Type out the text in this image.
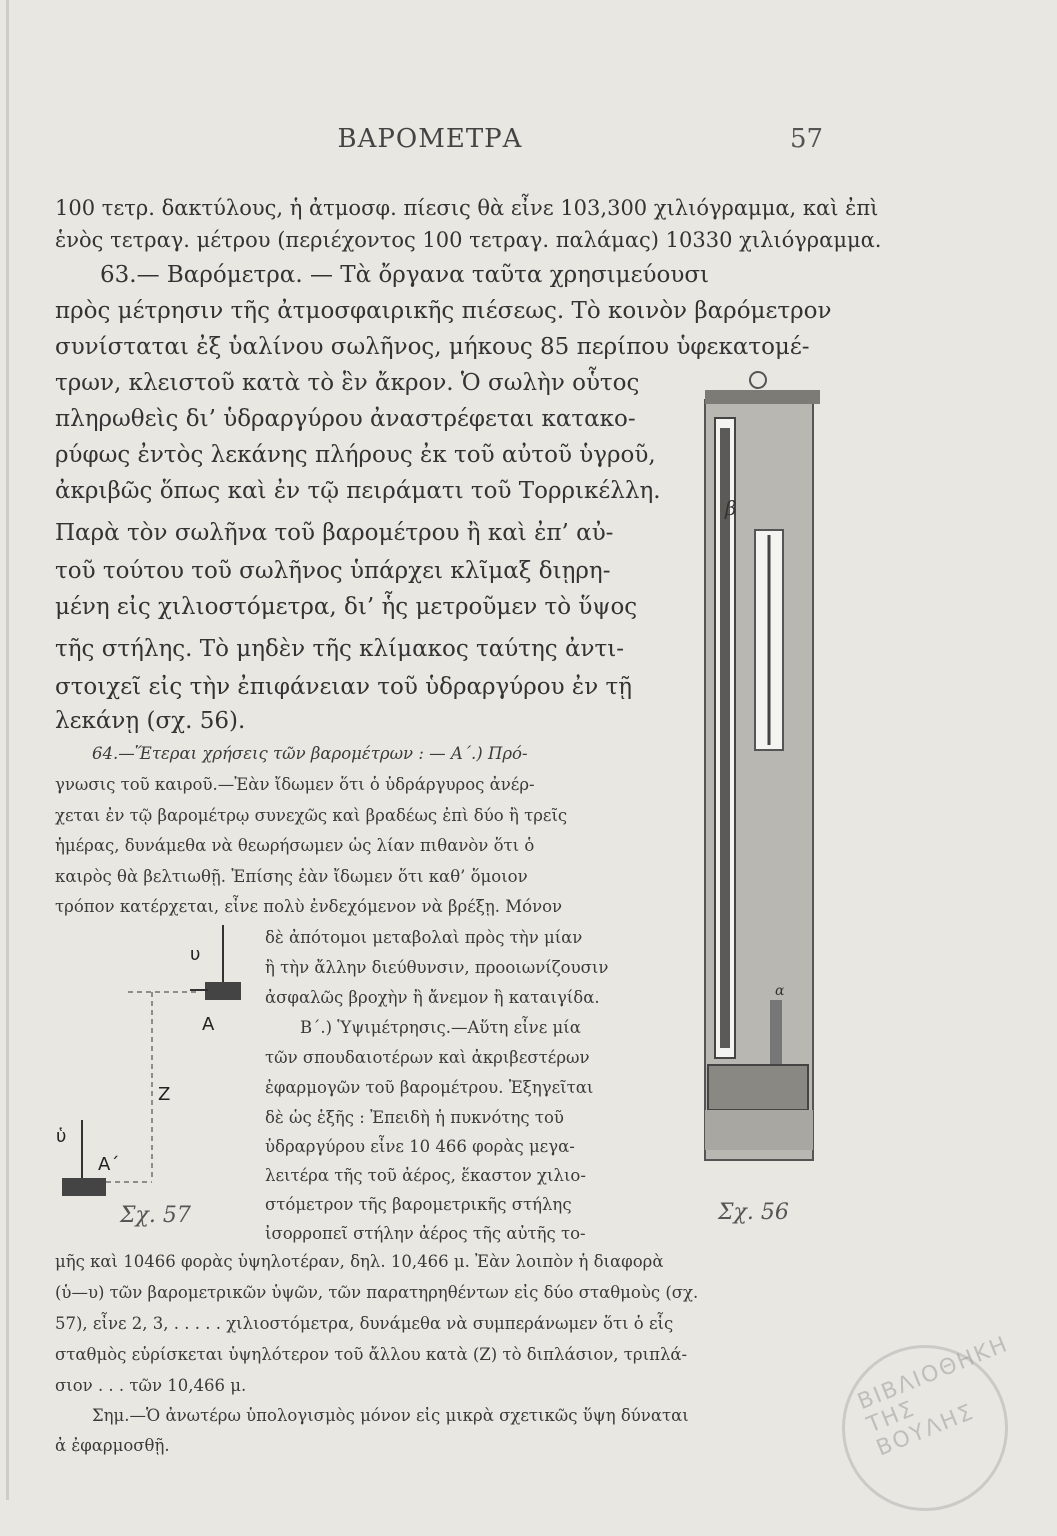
ΒΑΡΟΜΕΤΡΑ	57
100 τετρ. δακτύλους, ἡ ἀτμοσφ. πίεσις θὰ εἶνε 103,300 χιλιόγραμμα, καὶ ἐπὶ
ἑνὸς τετραγ. μέτρου (περιέχοντος 100 τετραγ. παλάμας) 10330 χιλιόγραμμα.
63.— Βαρόμετρα. — Τὰ ὄργανα ταῦτα χρησιμεύουσι
πρὸς μέτρησιν τῆς ἀτμοσφαιρικῆς πιέσεως. Τὸ κοινὸν βαρόμετρον
συνίσταται ἐξ ὑαλίνου σωλῆνος, μήκους 85 περίπου ὑφεκατομέ-
τρων, κλειστοῦ κατὰ τὸ ἓν ἄκρον. Ὁ σωλὴν οὗτος
πληρωθεὶς δι’ ὑδραργύρου ἀναστρέφεται κατακο-
ρύφως ἐντὸς λεκάνης πλήρους ἐκ τοῦ αὐτοῦ ὑγροῦ,
ἀκριβῶς ὅπως καὶ ἐν τῷ πειράματι τοῦ Τορρικέλλη.
Παρὰ τὸν σωλῆνα τοῦ βαρομέτρου ἢ καὶ ἐπ’ αὐ-
τοῦ τούτου τοῦ σωλῆνος ὑπάρχει κλῖμαξ διῃρη-
μένη εἰς χιλιοστόμετρα, δι’ ἧς μετροῦμεν τὸ ὕψος
τῆς στήλης. Τὸ μηδὲν τῆς κλίμακος ταύτης ἀντι-
στοιχεῖ εἰς τὴν ἐπιφάνειαν τοῦ ὑδραργύρου ἐν τῇ
λεκάνῃ (σχ. 56).
64.—Ἕτεραι χρήσεις τῶν βαρομέτρων : — Α΄.) Πρό-
γνωσις τοῦ καιροῦ.—Ἐὰν ἴδωμεν ὅτι ὁ ὑδράργυρος ἀνέρ-
χεται ἐν τῷ βαρομέτρῳ συνεχῶς καὶ βραδέως ἐπὶ δύο ἢ τρεῖς
ἡμέρας, δυνάμεθα νὰ θεωρήσωμεν ὡς λίαν πιθανὸν ὅτι ὁ
καιρὸς θὰ βελτιωθῇ. Ἐπίσης ἐὰν ἴδωμεν ὅτι καθ’ ὅμοιον
τρόπον κατέρχεται, εἶνε πολὺ ἐνδεχόμενον νὰ βρέξῃ. Μόνον
δὲ ἀπότομοι μεταβολαὶ πρὸς τὴν μίαν
ἢ τὴν ἄλλην διεύθυνσιν, προοιωνίζουσιν
ἀσφαλῶς βροχὴν ἢ ἄνεμον ἢ καταιγίδα.
Β΄.) Ὑψιμέτρησις.—Αὕτη εἶνε μία
τῶν σπουδαιοτέρων καὶ ἀκριβεστέρων
ἐφαρμογῶν τοῦ βαρομέτρου. Ἐξηγεῖται
δὲ ὡς ἑξῆς : Ἐπειδὴ ἡ πυκνότης τοῦ
ὑδραργύρου εἶνε 10 466 φορὰς μεγα-
λειτέρα τῆς τοῦ ἀέρος, ἕκαστον χιλιο-
στόμετρον τῆς βαρομετρικῆς στήλης
ἰσορροπεῖ στήλην ἀέρος τῆς αὐτῆς το-
μῆς καὶ 10466 φορὰς ὑψηλοτέραν, δηλ. 10,466 μ. Ἐὰν λοιπὸν ἡ διαφορὰ
(ὑ—υ) τῶν βαρομετρικῶν ὑψῶν, τῶν παρατηρηθέντων εἰς δύο σταθμοὺς (σχ.
57), εἶνε 2, 3, . . . . . χιλιοστόμετρα, δυνάμεθα νὰ συμπεράνωμεν ὅτι ὁ εἷς
σταθμὸς εὑρίσκεται ὑψηλότερον τοῦ ἄλλου κατὰ (Ζ) τὸ διπλάσιον, τριπλά-
σιον . . . τῶν 10,466 μ.
Σημ.—Ὁ ἀνωτέρω ὑπολογισμὸς μόνον εἰς μικρὰ σχετικῶς ὕψη δύναται
ἀ ἐφαρμοσθῇ.
β
α
Σχ. 56
υ
A
Z
ὑ
A΄
Σχ. 57
ΒΙΒΛΙΟΘΗΚΗ ΤΗΣ ΒΟΥΛΗΣ
